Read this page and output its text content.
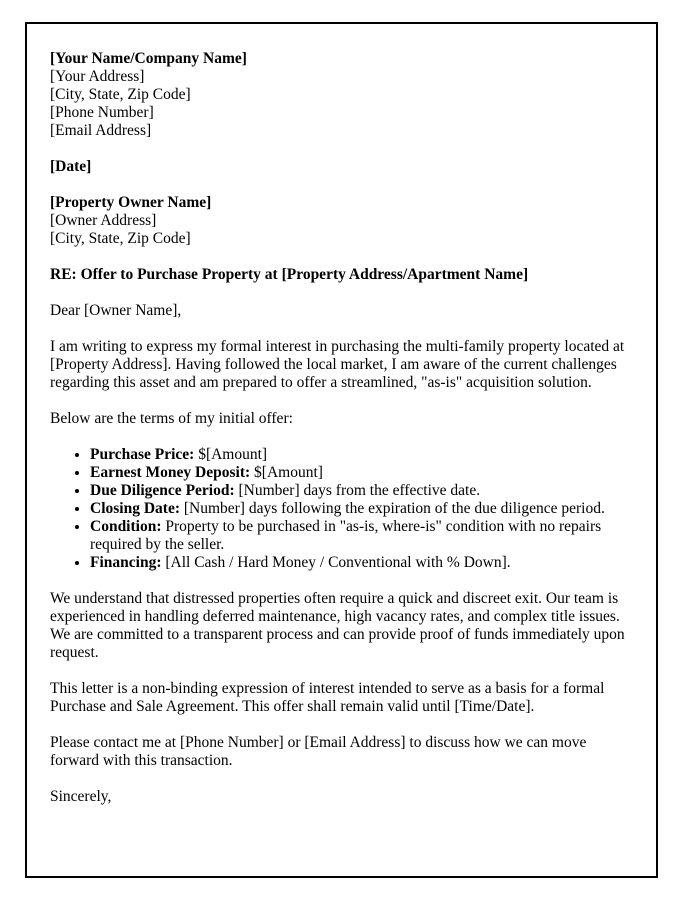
[Your Name/Company Name]
[Your Address]
[City, State, Zip Code]
[Phone Number]
[Email Address]
[Date]
[Property Owner Name]
[Owner Address]
[City, State, Zip Code]
RE: Offer to Purchase Property at [Property Address/Apartment Name]
Dear [Owner Name],
I am writing to express my formal interest in purchasing the multi-family property located at [Property Address]. Having followed the local market, I am aware of the current challenges regarding this asset and am prepared to offer a streamlined, "as-is" acquisition solution.
Below are the terms of my initial offer:
• Purchase Price: $[Amount]
• Earnest Money Deposit: $[Amount]
• Due Diligence Period: [Number] days from the effective date.
• Closing Date: [Number] days following the expiration of the due diligence period.
• Condition: Property to be purchased in "as-is, where-is" condition with no repairs required by the seller.
• Financing: [All Cash / Hard Money / Conventional with % Down].
We understand that distressed properties often require a quick and discreet exit. Our team is experienced in handling deferred maintenance, high vacancy rates, and complex title issues. We are committed to a transparent process and can provide proof of funds immediately upon request.
This letter is a non-binding expression of interest intended to serve as a basis for a formal Purchase and Sale Agreement. This offer shall remain valid until [Time/Date].
Please contact me at [Phone Number] or [Email Address] to discuss how we can move forward with this transaction.
Sincerely,
